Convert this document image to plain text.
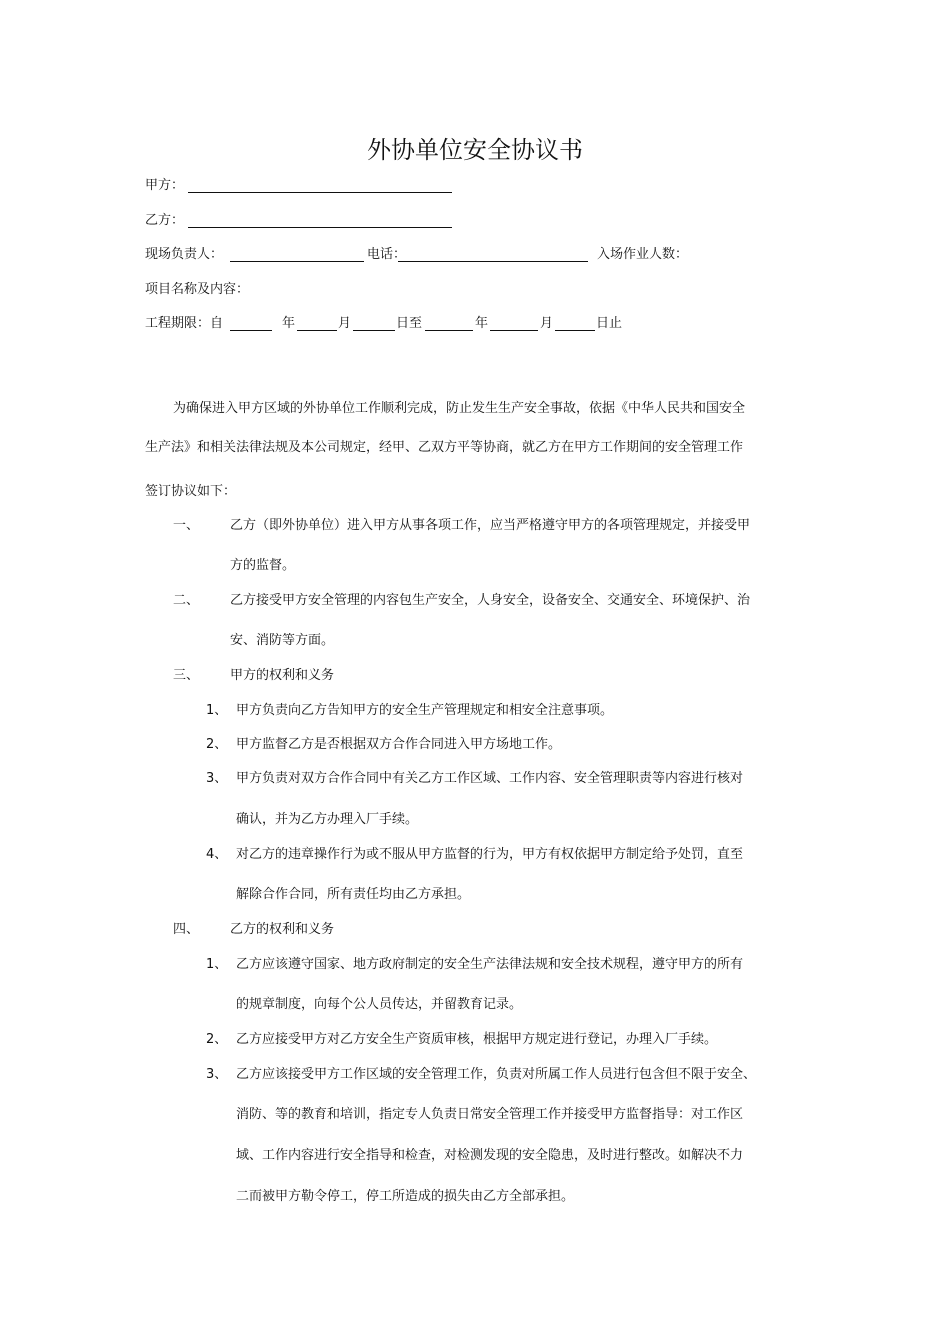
外协单位安全协议书
甲方：
乙方：
现场负责人：	电话：	入场作业人数：
项目名称及内容：
工程期限：自	年	月	日至	年	月	日止
为确保进入甲方区域的外协单位工作顺利完成，防止发生生产安全事故，依据《中华人民共和国安全
生产法》和相关法律法规及本公司规定，经甲、乙双方平等协商，就乙方在甲方工作期间的安全管理工作
签订协议如下：
一、 乙方（即外协单位）进入甲方从事各项工作，应当严格遵守甲方的各项管理规定，并接受甲
方的监督。
二、 乙方接受甲方安全管理的内容包生产安全，人身安全，设备安全、交通安全、环境保护、治
安、消防等方面。
三、 甲方的权利和义务
1、 甲方负责向乙方告知甲方的安全生产管理规定和相安全注意事项。
2、 甲方监督乙方是否根据双方合作合同进入甲方场地工作。
3、 甲方负责对双方合作合同中有关乙方工作区域、工作内容、安全管理职责等内容进行核对
确认，并为乙方办理入厂手续。
4、 对乙方的违章操作行为或不服从甲方监督的行为，甲方有权依据甲方制定给予处罚，直至
解除合作合同，所有责任均由乙方承担。
四、 乙方的权利和义务
1、 乙方应该遵守国家、地方政府制定的安全生产法律法规和安全技术规程，遵守甲方的所有
的规章制度，向每个公人员传达，并留教育记录。
2、 乙方应接受甲方对乙方安全生产资质审核，根据甲方规定进行登记，办理入厂手续。
3、 乙方应该接受甲方工作区域的安全管理工作，负责对所属工作人员进行包含但不限于安全、
消防、等的教育和培训，指定专人负责日常安全管理工作并接受甲方监督指导：对工作区
域、工作内容进行安全指导和检查，对检测发现的安全隐患，及时进行整改。如解决不力
二而被甲方勒令停工，停工所造成的损失由乙方全部承担。
